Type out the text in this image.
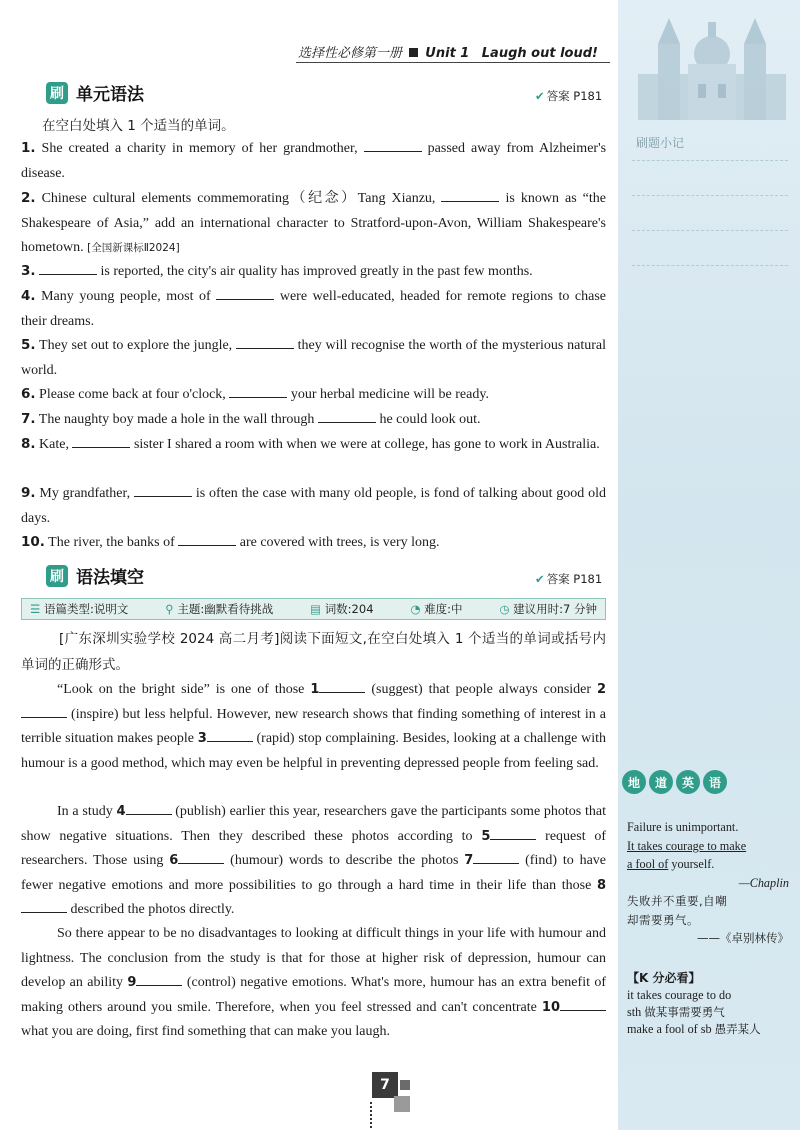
刷题小记
地	道	英	语
Failure is unimportant.
It takes courage to make
a fool of yourself.
—Chaplin
失败并不重要,自嘲
却需要勇气。
——《卓别林传》
【K 分必看】
it takes courage to do
sth 做某事需要勇气
make a fool of sb 愚弄某人
选择性必修第一册 Unit 1 Laugh out loud!
刷 单元语法	✔ 答案 P181
在空白处填入 1 个适当的单词。
1. She created a charity in memory of her grandmother,	passed away from Alzheimer's disease.
2. Chinese cultural elements commemorating（纪念）Tang Xianzu,	is known as “the Shakespeare of Asia,” add an international character to Stratford-upon-Avon, William Shakespeare's hometown. [全国新课标Ⅱ2024]
3.	is reported, the city's air quality has improved greatly in the past few months.
4. Many young people, most of	were well-educated, headed for remote regions to chase their dreams.
5. They set out to explore the jungle,	they will recognise the worth of the mysterious natural world.
6. Please come back at four o'clock,	your herbal medicine will be ready.
7. The naughty boy made a hole in the wall through	he could look out.
8. Kate,	sister I shared a room with when we were at college, has gone to work in Australia.
9. My grandfather,	is often the case with many old people, is fond of talking about good old days.
10. The river, the banks of	are covered with trees, is very long.
刷 语法填空	✔ 答案 P181
☰ 语篇类型:说明文	⚲ 主题:幽默看待挑战	▤ 词数:204	◔ 难度:中	◷ 建议用时:7 分钟
[广东深圳实验学校 2024 高二月考]阅读下面短文,在空白处填入 1 个适当的单词或括号内单词的正确形式。
“Look on the bright side” is one of those 1	(suggest) that people always consider 2 (inspire) but less helpful. However, new research shows that finding something of interest in a terrible situation makes people 3	(rapid) stop complaining. Besides, looking at a challenge with humour is a good method, which may even be helpful in preventing depressed people from feeling sad.
In a study 4	(publish) earlier this year, researchers gave the participants some photos that show negative situations. Then they described these photos according to 5	request of researchers. Those using 6	(humour) words to describe the photos 7	(find) to have fewer negative emotions and more possibilities to go through a hard time in their life than those 8 described the photos directly.
So there appear to be no disadvantages to looking at difficult things in your life with humour and lightness. The conclusion from the study is that for those at higher risk of depression, humour can develop an ability 9	(control) negative emotions. What's more, humour has an extra benefit of making others around you smile. Therefore, when you feel stressed and can't concentrate 10 what you are doing, first find something that can make you laugh.
7
